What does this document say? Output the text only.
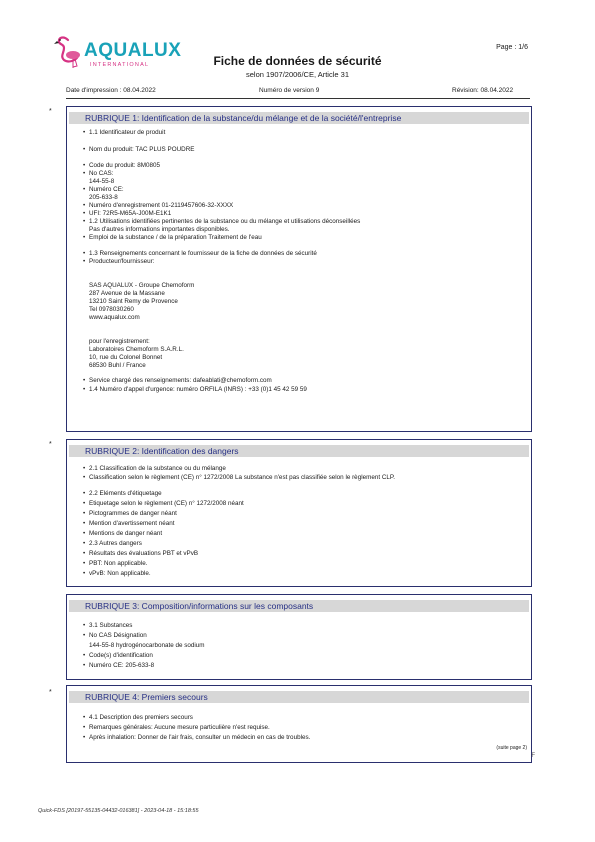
AQUALUX
INTERNATIONAL	Fiche de données de sécurité
selon 1907/2006/CE, Article 31
Page : 1/6
Date d'impression : 08.04.2022	Numéro de version 9	Révision: 08.04.2022
*
RUBRIQUE 1: Identification de la substance/du mélange et de la société/l'entreprise
• 1.1 Identificateur de produit
• Nom du produit: TAC PLUS POUDRE
• Code du produit: 8M0805
• No CAS:
144-55-8
• Numéro CE:
205-633-8
• Numéro d'enregistrement 01-2119457606-32-XXXX
• UFI: 72R5-M65A-J00M-E1K1
• 1.2 Utilisations identifiées pertinentes de la substance ou du mélange et utilisations déconseillées
Pas d'autres informations importantes disponibles.
• Emploi de la substance / de la préparation Traitement de l'eau
• 1.3 Renseignements concernant le fournisseur de la fiche de données de sécurité
• Producteur/fournisseur:
SAS AQUALUX - Groupe Chemoform
287 Avenue de la Massane
13210 Saint Remy de Provence
Tel 0978030260
www.aqualux.com
pour l'enregistrement:
Laboratoires Chemoform S.A.R.L.
10, rue du Colonel Bonnet
68530 Buhl / France
• Service chargé des renseignements: dafeablati@chemoform.com
• 1.4 Numéro d'appel d'urgence: numéro ORFILA (INRS) : +33 (0)1 45 42 59 59
*
RUBRIQUE 2: Identification des dangers
• 2.1 Classification de la substance ou du mélange
• Classification selon le règlement (CE) n° 1272/2008 La substance n'est pas classifiée selon le règlement CLP.
• 2.2 Eléments d'étiquetage
• Etiquetage selon le règlement (CE) n° 1272/2008 néant
• Pictogrammes de danger néant
• Mention d'avertissement néant
• Mentions de danger néant
• 2.3 Autres dangers
• Résultats des évaluations PBT et vPvB
• PBT: Non applicable.
• vPvB: Non applicable.
RUBRIQUE 3: Composition/informations sur les composants
• 3.1 Substances
• No CAS Désignation
144-55-8 hydrogénocarbonate de sodium
• Code(s) d'identification
• Numéro CE: 205-633-8
*	RUBRIQUE 4: Premiers secours
• 4.1 Description des premiers secours
• Remarques générales: Aucune mesure particulière n'est requise.
• Après inhalation: Donner de l'air frais, consulter un médecin en cas de troubles.
(suite page 2)
F
Quick-FDS [20197-55135-04432-016381] - 2023-04-18 - 15:18:55
